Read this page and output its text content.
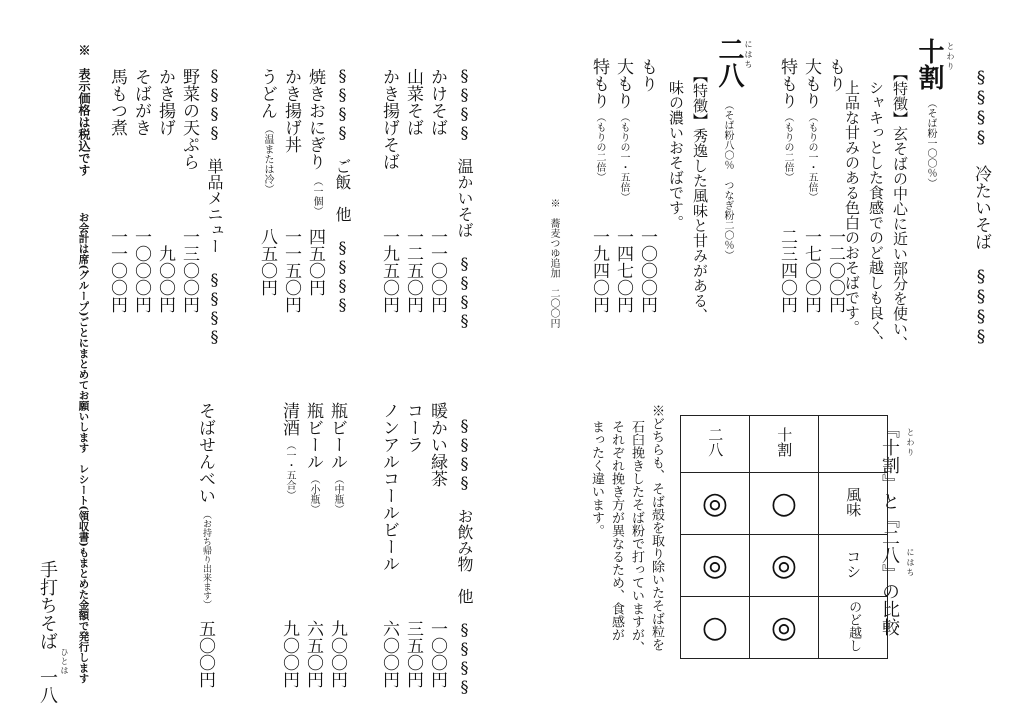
§§§§　冷たいそば　§§§§
十割 とわり
（そば粉一〇〇％）
【特徴】玄そばの中心に近い部分を使い、
シャキっとした食感でのど越しも良く、
上品な甘みのある色白のおそばです。
もり
一二〇〇円
大もり
（もりの一・五倍）
一七〇〇円
特もり
（もりの二倍）
二三四〇円
二八 にはち
（そば粉八〇％　つなぎ粉二〇％）
【特徴】秀逸した風味と甘みがある、
味の濃いおそばです。
もり
一〇〇〇円
大もり
（もりの一・五倍）
一四七〇円
特もり
（もりの二倍）
一九四〇円
※　蕎麦つゆ追加　二〇〇円
『十割』と『二八』の比較 とわり
にはち
二八	十割	
◎	○	風味
◎	◎	コシ
○	◎	のど越し
※どちらも、そば殻を取り除いたそば粒を
石臼挽きしたそば粉で打っていますが、
それぞれ挽き方が異なるため、食感が
まったく違います。
§§§§　温かいそば　§§§§
かけそば
一一〇〇円
山菜そば
一二五〇円
かき揚げそば
一九五〇円
§§§§　ご飯　他　§§§§
焼きおにぎり
（一個）
四五〇円
かき揚げ丼
一一五〇円
うどん
（温または冷）
八五〇円
§§§§　単品メニュー　§§§§
野菜の天ぷら
一三〇〇円
かき揚げ
九〇〇円
そばがき
一〇〇〇円
馬もつ煮
一一〇〇円
§§§§　お飲み物　他　§§§§
暖かい緑茶
一〇〇円
コーラ
三五〇円
ノンアルコールビール
六〇〇円
瓶ビール
（中瓶）
九〇〇円
瓶ビール
（小瓶）
六五〇円
清酒
（一・五合）
九〇〇円
そばせんべい
（お持ち帰り出来ます）
五〇〇円
※　表示価格は税込です
お会計は席(グループ)ごとにまとめてお願いします　レシート(領収書)もまとめた金額で発行します
手打ちそば　一八
ひとは
